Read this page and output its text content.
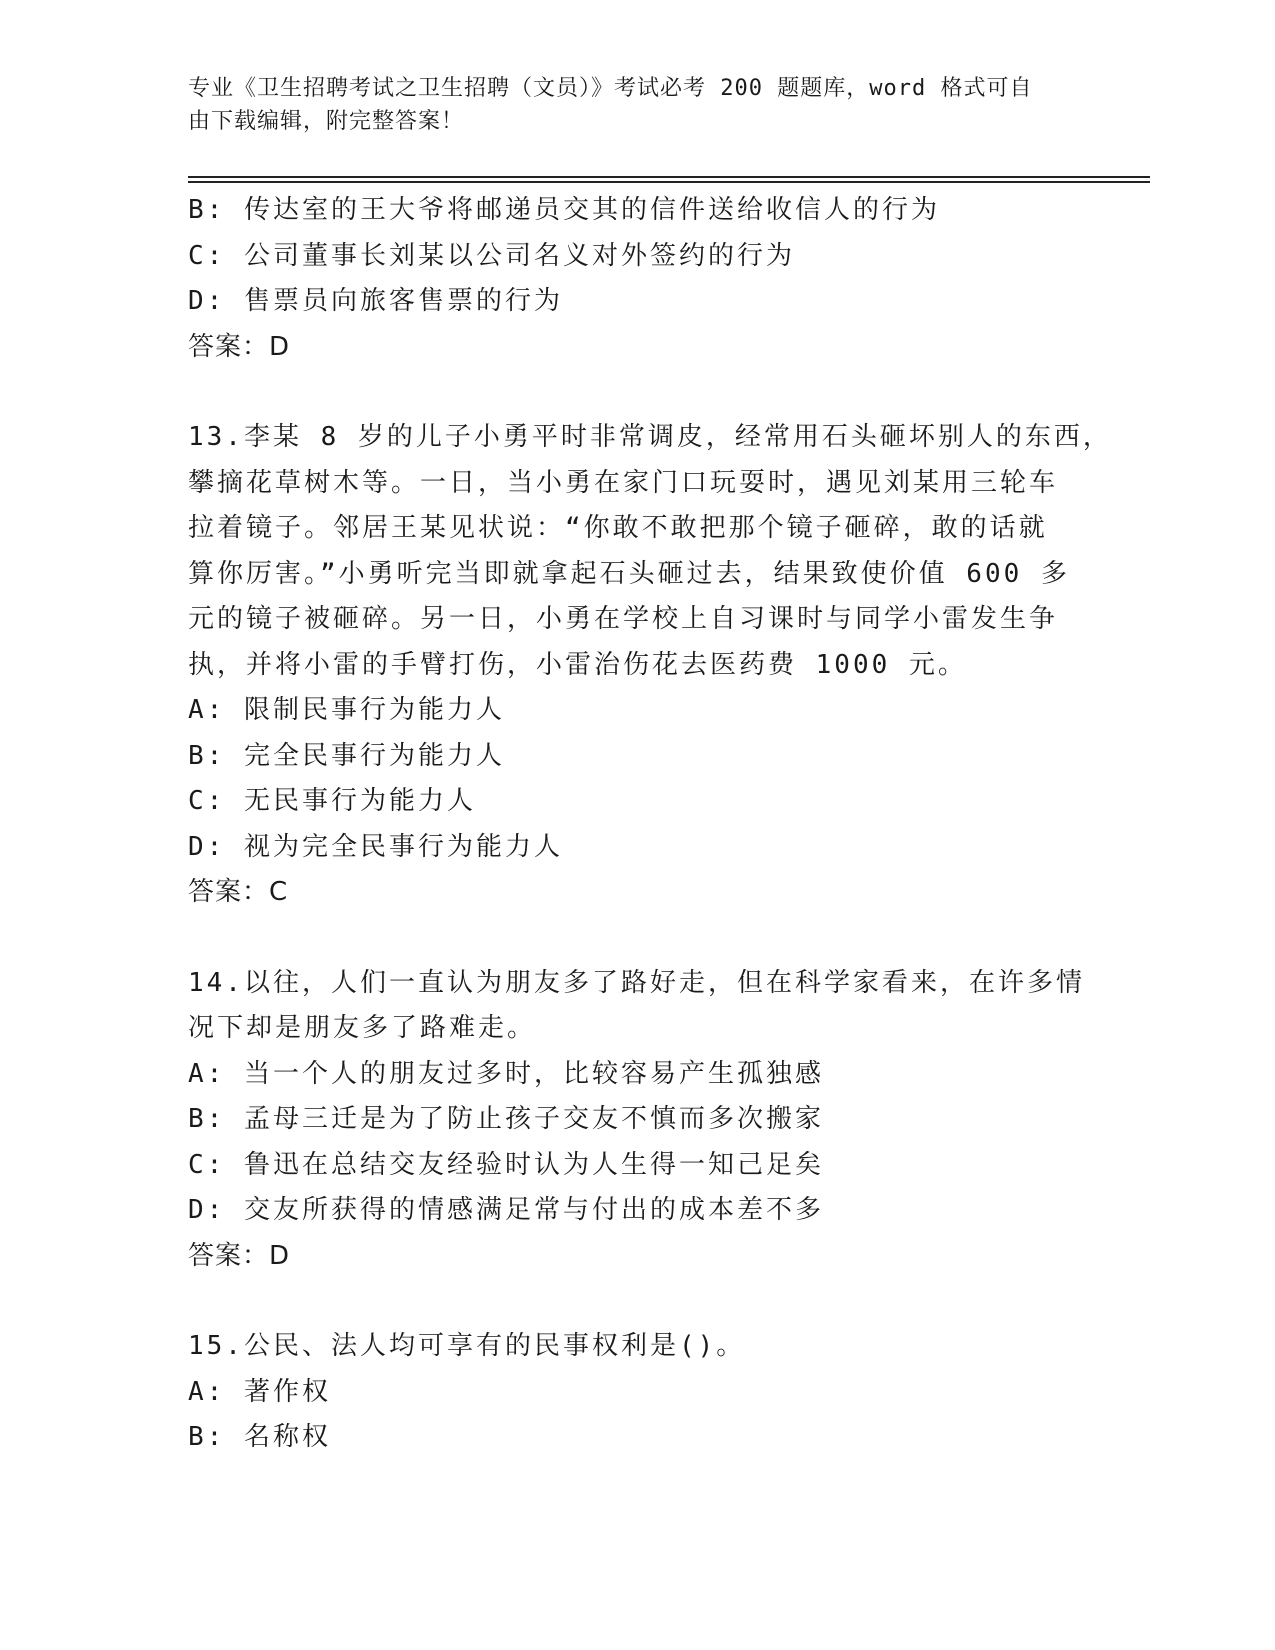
专业《卫生招聘考试之卫生招聘（文员）》考试必考 200 题题库，word 格式可自
由下载编辑，附完整答案！
B: 传达室的王大爷将邮递员交其的信件送给收信人的行为
C: 公司董事长刘某以公司名义对外签约的行为
D: 售票员向旅客售票的行为
答案：D
13.李某 8 岁的儿子小勇平时非常调皮，经常用石头砸坏别人的东西，
攀摘花草树木等。一日，当小勇在家门口玩耍时，遇见刘某用三轮车
拉着镜子。邻居王某见状说：“你敢不敢把那个镜子砸碎，敢的话就
算你厉害。”小勇听完当即就拿起石头砸过去，结果致使价值 600 多
元的镜子被砸碎。另一日，小勇在学校上自习课时与同学小雷发生争
执，并将小雷的手臂打伤，小雷治伤花去医药费 1000 元。
A: 限制民事行为能力人
B: 完全民事行为能力人
C: 无民事行为能力人
D: 视为完全民事行为能力人
答案：C
14.以往，人们一直认为朋友多了路好走，但在科学家看来，在许多情
况下却是朋友多了路难走。
A: 当一个人的朋友过多时，比较容易产生孤独感
B: 孟母三迁是为了防止孩子交友不慎而多次搬家
C: 鲁迅在总结交友经验时认为人生得一知己足矣
D: 交友所获得的情感满足常与付出的成本差不多
答案：D
15.公民、法人均可享有的民事权利是()。
A: 著作权
B: 名称权
